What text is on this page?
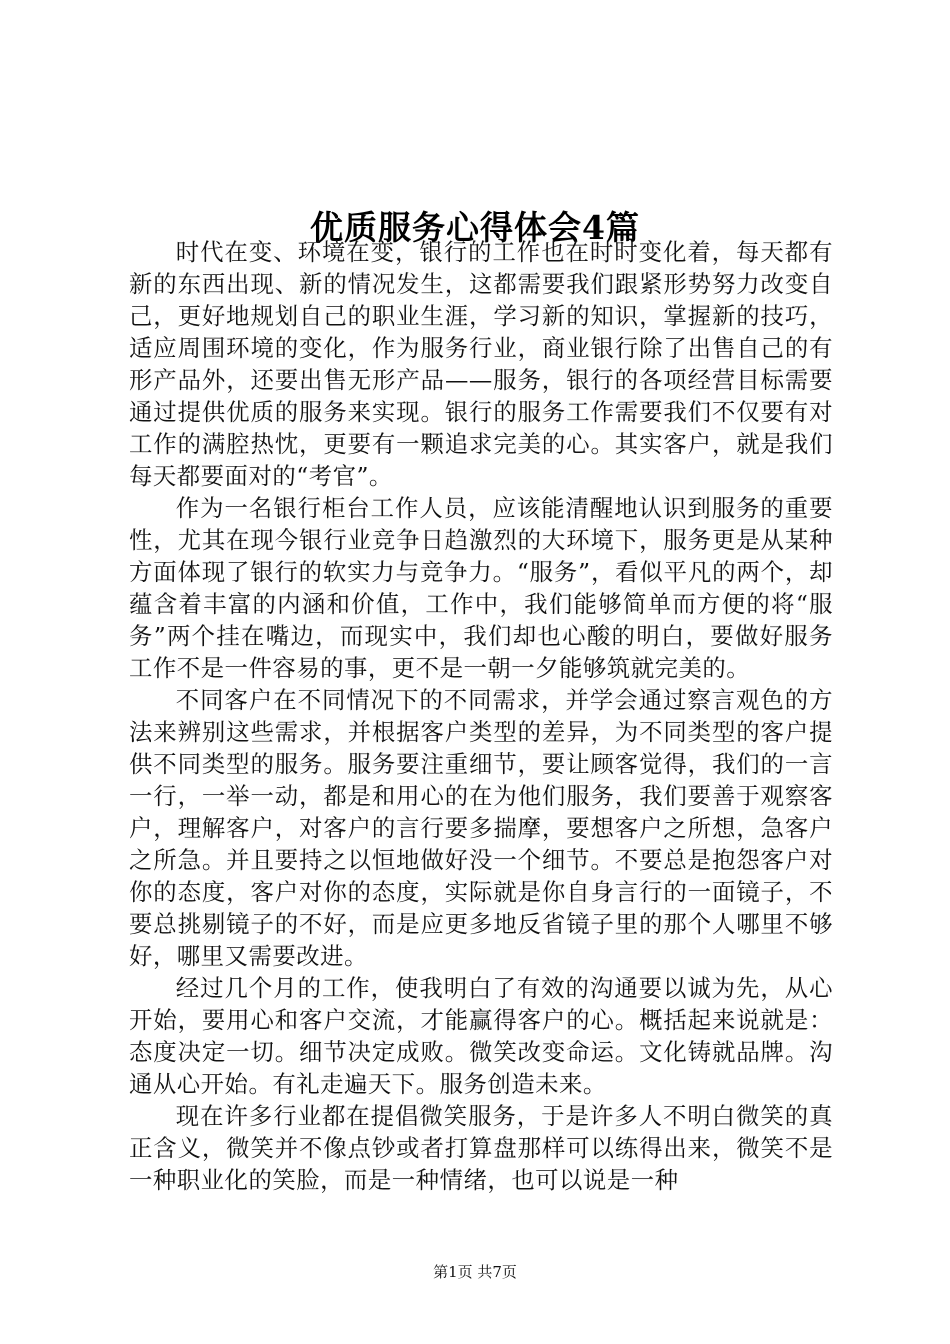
优质服务心得体会4篇

时代在变、环境在变，银行的工作也在时时变化着，每天都有新的东西出现、新的情况发生，这都需要我们跟紧形势努力改变自己，更好地规划自己的职业生涯，学习新的知识，掌握新的技巧，适应周围环境的变化，作为服务行业，商业银行除了出售自己的有形产品外，还要出售无形产品——服务，银行的各项经营目标需要通过提供优质的服务来实现。银行的服务工作需要我们不仅要有对工作的满腔热忱，更要有一颗追求完美的心。其实客户，就是我们每天都要面对的“考官”。

作为一名银行柜台工作人员，应该能清醒地认识到服务的重要性，尤其在现今银行业竞争日趋激烈的大环境下，服务更是从某种方面体现了银行的软实力与竞争力。“服务”，看似平凡的两个，却蕴含着丰富的内涵和价值，工作中，我们能够简单而方便的将“服务”两个挂在嘴边，而现实中，我们却也心酸的明白，要做好服务工作不是一件容易的事，更不是一朝一夕能够筑就完美的。

不同客户在不同情况下的不同需求，并学会通过察言观色的方法来辨别这些需求，并根据客户类型的差异，为不同类型的客户提供不同类型的服务。服务要注重细节，要让顾客觉得，我们的一言一行，一举一动，都是和用心的在为他们服务，我们要善于观察客户，理解客户，对客户的言行要多揣摩，要想客户之所想，急客户之所急。并且要持之以恒地做好没一个细节。不要总是抱怨客户对你的态度，客户对你的态度，实际就是你自身言行的一面镜子，不要总挑剔镜子的不好，而是应更多地反省镜子里的那个人哪里不够好，哪里又需要改进。

经过几个月的工作，使我明白了有效的沟通要以诚为先，从心开始，要用心和客户交流，才能赢得客户的心。概括起来说就是：态度决定一切。细节决定成败。微笑改变命运。文化铸就品牌。沟通从心开始。有礼走遍天下。服务创造未来。

现在许多行业都在提倡微笑服务，于是许多人不明白微笑的真正含义，微笑并不像点钞或者打算盘那样可以练得出来，微笑不是一种职业化的笑脸，而是一种情绪，也可以说是一种

第1页 共7页
